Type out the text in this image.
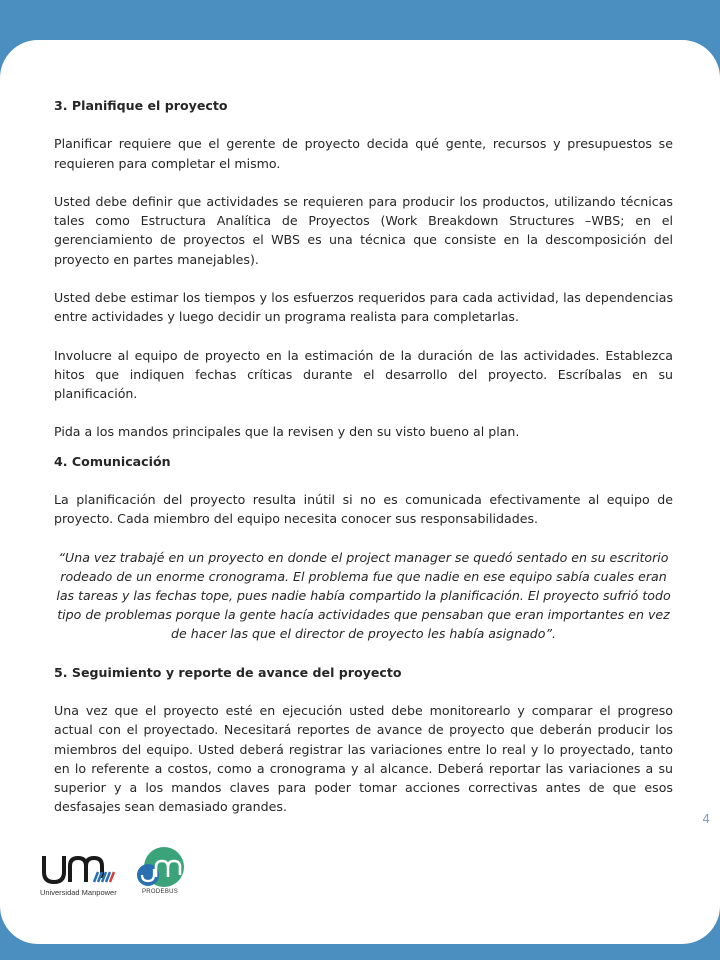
3. Planifique el proyecto

Planificar requiere que el gerente de proyecto decida qué gente, recursos y presupuestos se requieren para completar el mismo.

Usted debe definir que actividades se requieren para producir los productos, utilizando técnicas tales como Estructura Analítica de Proyectos (Work Breakdown Structures –WBS; en el gerenciamiento de proyectos el WBS es una técnica que consiste en la descomposición del proyecto en partes manejables).

Usted debe estimar los tiempos y los esfuerzos requeridos para cada actividad, las dependencias entre actividades y luego decidir un programa realista para completarlas.

Involucre al equipo de proyecto en la estimación de la duración de las actividades. Establezca hitos que indiquen fechas críticas durante el desarrollo del proyecto. Escríbalas en su planificación.

Pida a los mandos principales que la revisen y den su visto bueno al plan.

4. Comunicación

La planificación del proyecto resulta inútil si no es comunicada efectivamente al equipo de proyecto. Cada miembro del equipo necesita conocer sus responsabilidades.

“Una vez trabajé en un proyecto en donde el project manager se quedó sentado en su escritorio rodeado de un enorme cronograma. El problema fue que nadie en ese equipo sabía cuales eran las tareas y las fechas tope, pues nadie había compartido la planificación. El proyecto sufrió todo tipo de problemas porque la gente hacía actividades que pensaban que eran importantes en vez de hacer las que el director de proyecto les había asignado”.

5. Seguimiento y reporte de avance del proyecto

Una vez que el proyecto esté en ejecución usted debe monitorearlo y comparar el progreso actual con el proyectado. Necesitará reportes de avance de proyecto que deberán producir los miembros del equipo. Usted deberá registrar las variaciones entre lo real y lo proyectado, tanto en lo referente a costos, como a cronograma y al alcance. Deberá reportar las variaciones a su superior y a los mandos claves para poder tomar acciones correctivas antes de que esos desfasajes sean demasiado grandes.

4
Universidad Manpower	PRODEBUS
